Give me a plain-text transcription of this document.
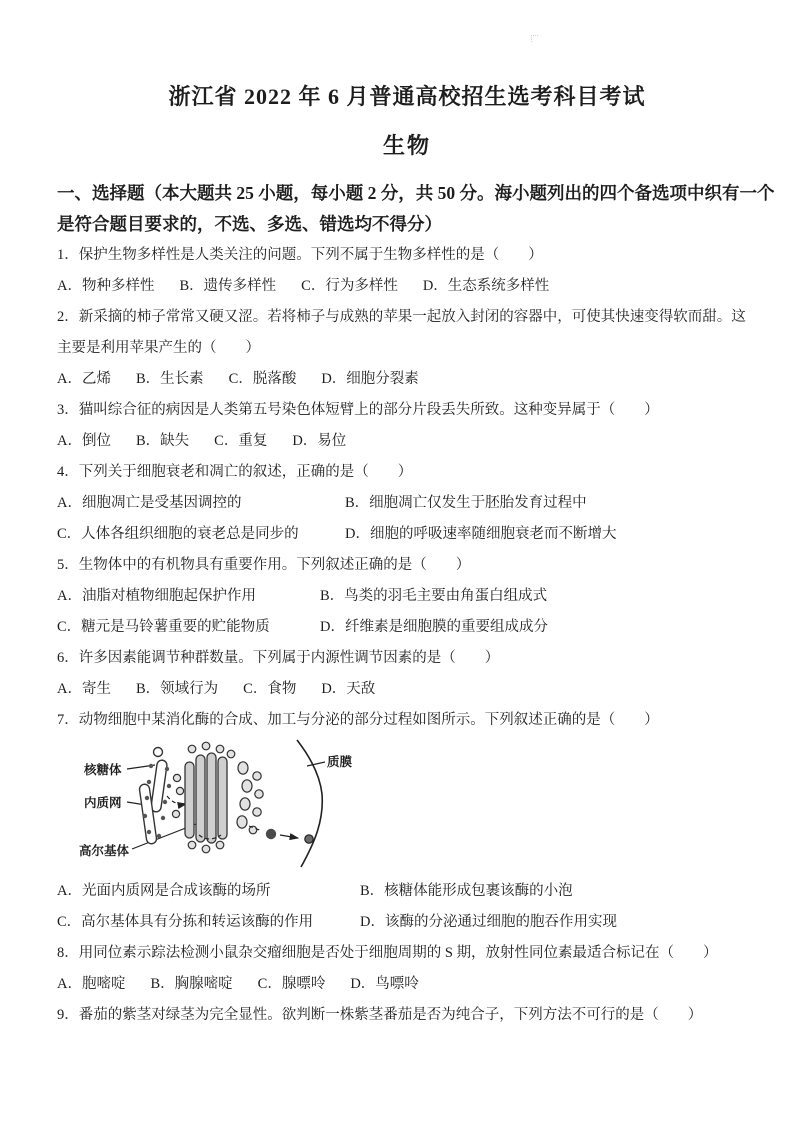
浙江省 2022 年 6 月普通高校招生选考科目考试
生物
一、选择题（本大题共 25 小题，每小题 2 分，共 50 分。海小题列出的四个备选项中织有一个
是符合题目要求的，不选、多选、错选均不得分）
1．保护生物多样性是人类关注的问题。下列不属于生物多样性的是（　　）
A．物种多样性 B．遗传多样性 C．行为多样性 D．生态系统多样性
2．新采摘的柿子常常又硬又涩。若将柿子与成熟的苹果一起放入封闭的容器中，可使其快速变得软而甜。这
主要是利用苹果产生的（　　）
A．乙烯 B．生长素 C．脱落酸 D．细胞分裂素
3．猫叫综合征的病因是人类第五号染色体短臂上的部分片段丢失所致。这种变异属于（　　）
A．倒位 B．缺失 C．重复 D．易位
4．下列关于细胞衰老和凋亡的叙述，正确的是（　　）
A．细胞凋亡是受基因调控的	B．细胞凋亡仅发生于胚胎发育过程中
C．人体各组织细胞的衰老总是同步的	D．细胞的呼吸速率随细胞衰老而不断增大
5．生物体中的有机物具有重要作用。下列叙述正确的是（　　）
A．油脂对植物细胞起保护作用	B．鸟类的羽毛主要由角蛋白组成式
C．糖元是马铃薯重要的贮能物质	D．纤维素是细胞膜的重要组成成分
6．许多因素能调节种群数量。下列属于内源性调节因素的是（　　）
A．寄生 B．领域行为 C．食物 D．天敌
7．动物细胞中某消化酶的合成、加工与分泌的部分过程如图所示。下列叙述正确的是（　　）
核糖体
内质网
高尔基体
质膜
A．光面内质网是合成该酶的场所	B．核糖体能形成包裹该酶的小泡
C．高尔基体具有分拣和转运该酶的作用	D．该酶的分泌通过细胞的胞吞作用实现
8．用同位素示踪法检测小鼠杂交瘤细胞是否处于细胞周期的 S 期，放射性同位素最适合标记在（　　）
A．胞嘧啶 B．胸腺嘧啶 C．腺嘌呤 D．鸟嘌呤
9．番茄的紫茎对绿茎为完全显性。欲判断一株紫茎番茄是否为纯合子，下列方法不可行的是（　　）
